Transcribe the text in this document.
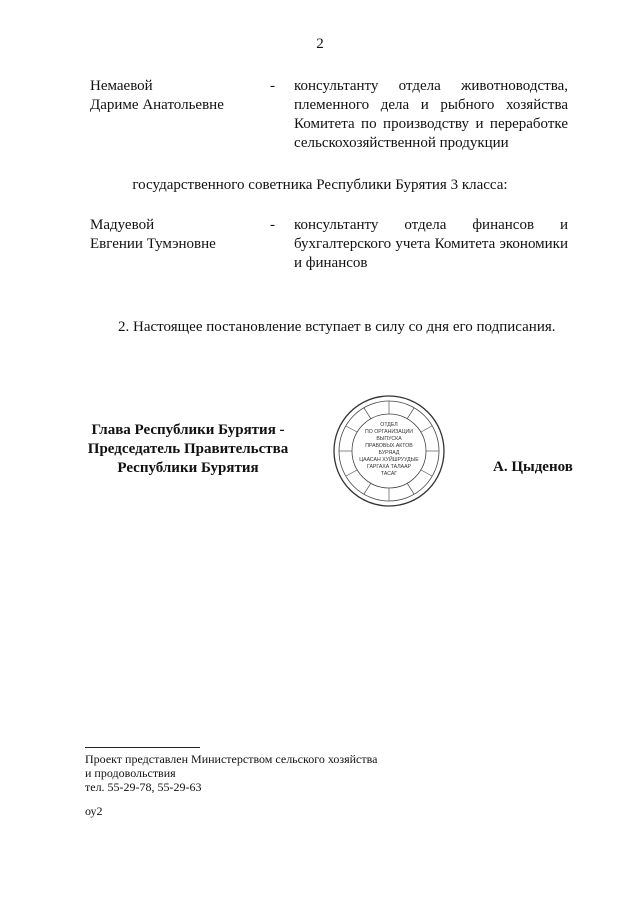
2
Немаевой
Дариме Анатольевне
-	консультанту отдела животноводства, племенного дела и рыбного хозяйства Комитета по производству и переработке сельскохозяйственной продукции
государственного советника Республики Бурятия 3 класса:
Мадуевой
Евгении Тумэновне
-	консультанту отдела финансов и бухгалтерского учета Комитета экономики и финансов
2. Настоящее постановление вступает в силу со дня его подписания.
Глава Республики Бурятия -
Председатель Правительства
Республики Бурятия
ОТДЕЛ
ПО ОРГАНИЗАЦИИ
ВЫПУСКА
ПРАВОВЫХ АКТОВ
БУРЯАД
ЦААСАН ХУЙШРУУДЫЕ
ГАРГАХА ТАЛААР
ТАСАГ	А. Цыденов
Проект представлен Министерством сельского хозяйства
и продовольствия
тел. 55-29-78, 55-29-63
оу2
